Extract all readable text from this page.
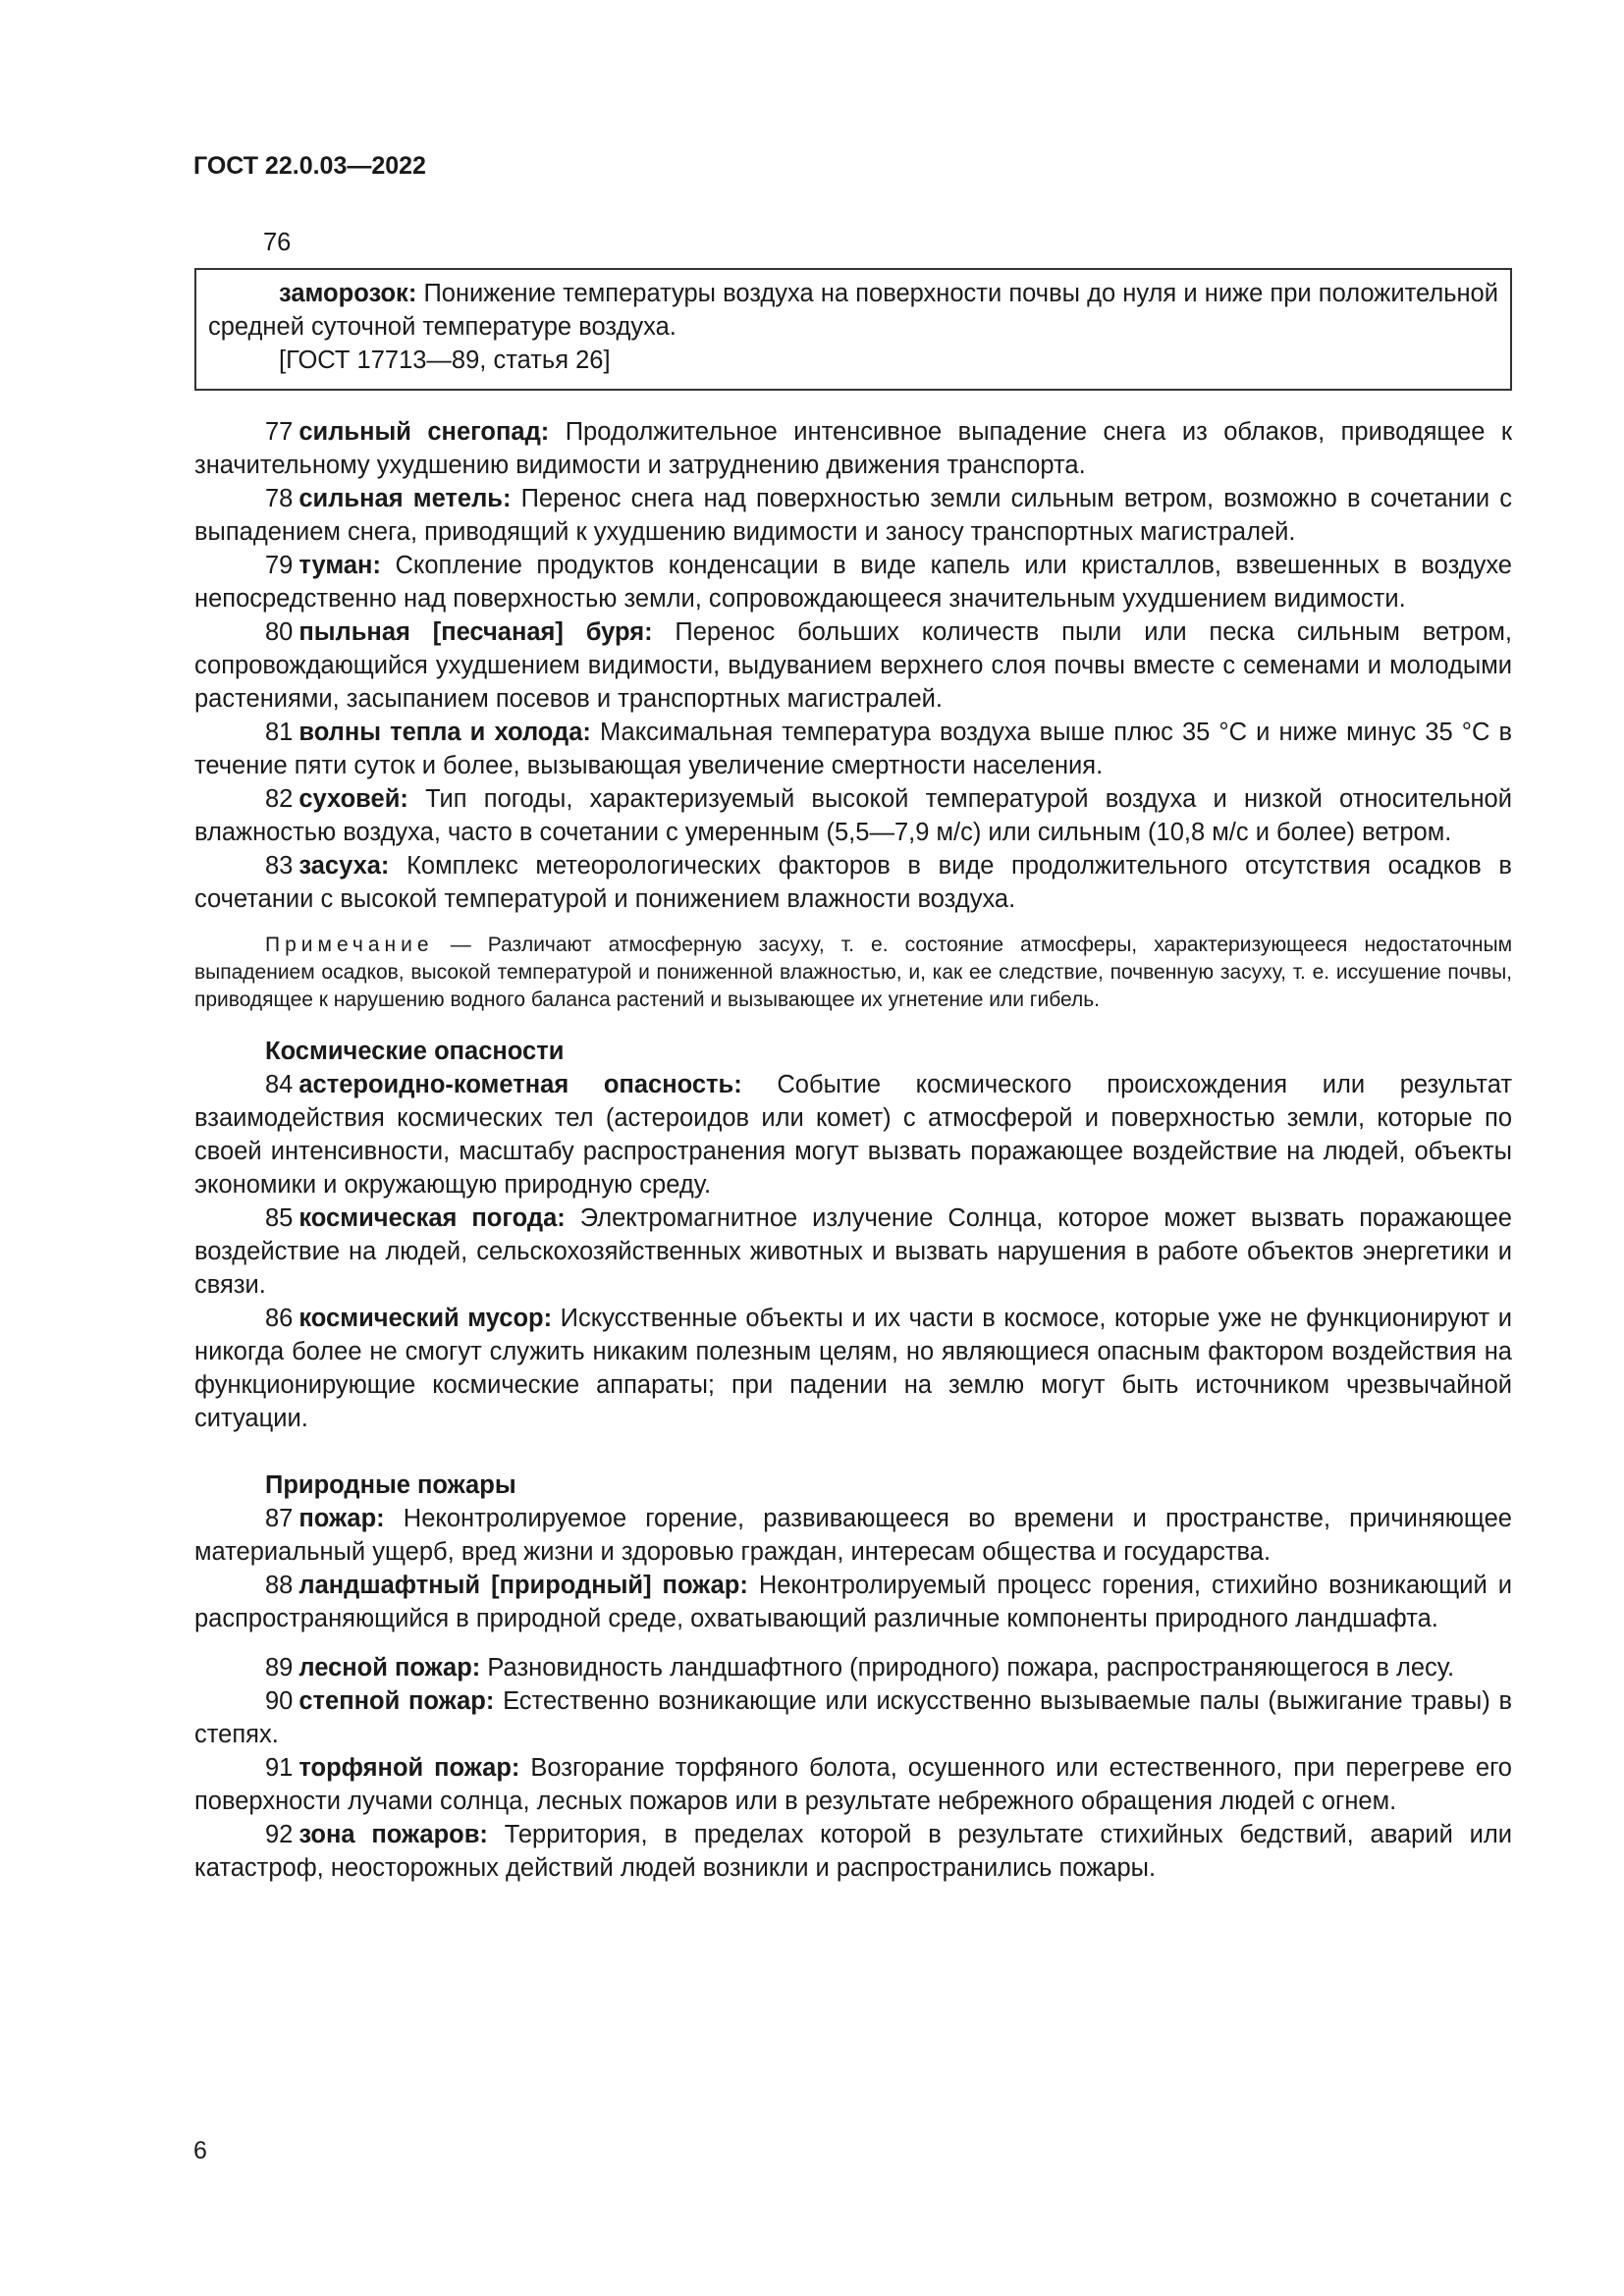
ГОСТ 22.0.03—2022
76

заморозок: Понижение температуры воздуха на поверхности почвы до нуля и ниже при положительной средней суточной температуре воздуха.

[ГОСТ 17713—89, статья 26]

77 сильный снегопад: Продолжительное интенсивное выпадение снега из облаков, приводящее к значительному ухудшению видимости и затруднению движения транспорта.

78 сильная метель: Перенос снега над поверхностью земли сильным ветром, возможно в сочетании с выпадением снега, приводящий к ухудшению видимости и заносу транспортных магистралей.

79 туман: Скопление продуктов конденсации в виде капель или кристаллов, взвешенных в воздухе непосредственно над поверхностью земли, сопровождающееся значительным ухудшением видимости.

80 пыльная [песчаная] буря: Перенос больших количеств пыли или песка сильным ветром, сопровождающийся ухудшением видимости, выдуванием верхнего слоя почвы вместе с семенами и молодыми растениями, засыпанием посевов и транспортных магистралей.

81 волны тепла и холода: Максимальная температура воздуха выше плюс 35 °C и ниже минус 35 °C в течение пяти суток и более, вызывающая увеличение смертности населения.

82 суховей: Тип погоды, характеризуемый высокой температурой воздуха и низкой относительной влажностью воздуха, часто в сочетании с умеренным (5,5—7,9 м/с) или сильным (10,8 м/с и более) ветром.

83 засуха: Комплекс метеорологических факторов в виде продолжительного отсутствия осадков в сочетании с высокой температурой и понижением влажности воздуха.

Примечание — Различают атмосферную засуху, т. е. состояние атмосферы, характеризующееся недостаточным выпадением осадков, высокой температурой и пониженной влажностью, и, как ее следствие, почвенную засуху, т. е. иссушение почвы, приводящее к нарушению водного баланса растений и вызывающее их угнетение или гибель.

Космические опасности

84 астероидно-кометная опасность: Событие космического происхождения или результат взаимодействия космических тел (астероидов или комет) с атмосферой и поверхностью земли, которые по своей интенсивности, масштабу распространения могут вызвать поражающее воздействие на людей, объекты экономики и окружающую природную среду.

85 космическая погода: Электромагнитное излучение Солнца, которое может вызвать поражающее воздействие на людей, сельскохозяйственных животных и вызвать нарушения в работе объектов энергетики и связи.

86 космический мусор: Искусственные объекты и их части в космосе, которые уже не функционируют и никогда более не смогут служить никаким полезным целям, но являющиеся опасным фактором воздействия на функционирующие космические аппараты; при падении на землю могут быть источником чрезвычайной ситуации.

Природные пожары

87 пожар: Неконтролируемое горение, развивающееся во времени и пространстве, причиняющее материальный ущерб, вред жизни и здоровью граждан, интересам общества и государства.

88 ландшафтный [природный] пожар: Неконтролируемый процесс горения, стихийно возникающий и распространяющийся в природной среде, охватывающий различные компоненты природного ландшафта.

89 лесной пожар: Разновидность ландшафтного (природного) пожара, распространяющегося в лесу.

90 степной пожар: Естественно возникающие или искусственно вызываемые палы (выжигание травы) в степях.

91 торфяной пожар: Возгорание торфяного болота, осушенного или естественного, при перегреве его поверхности лучами солнца, лесных пожаров или в результате небрежного обращения людей с огнем.

92 зона пожаров: Территория, в пределах которой в результате стихийных бедствий, аварий или катастроф, неосторожных действий людей возникли и распространились пожары.

6
